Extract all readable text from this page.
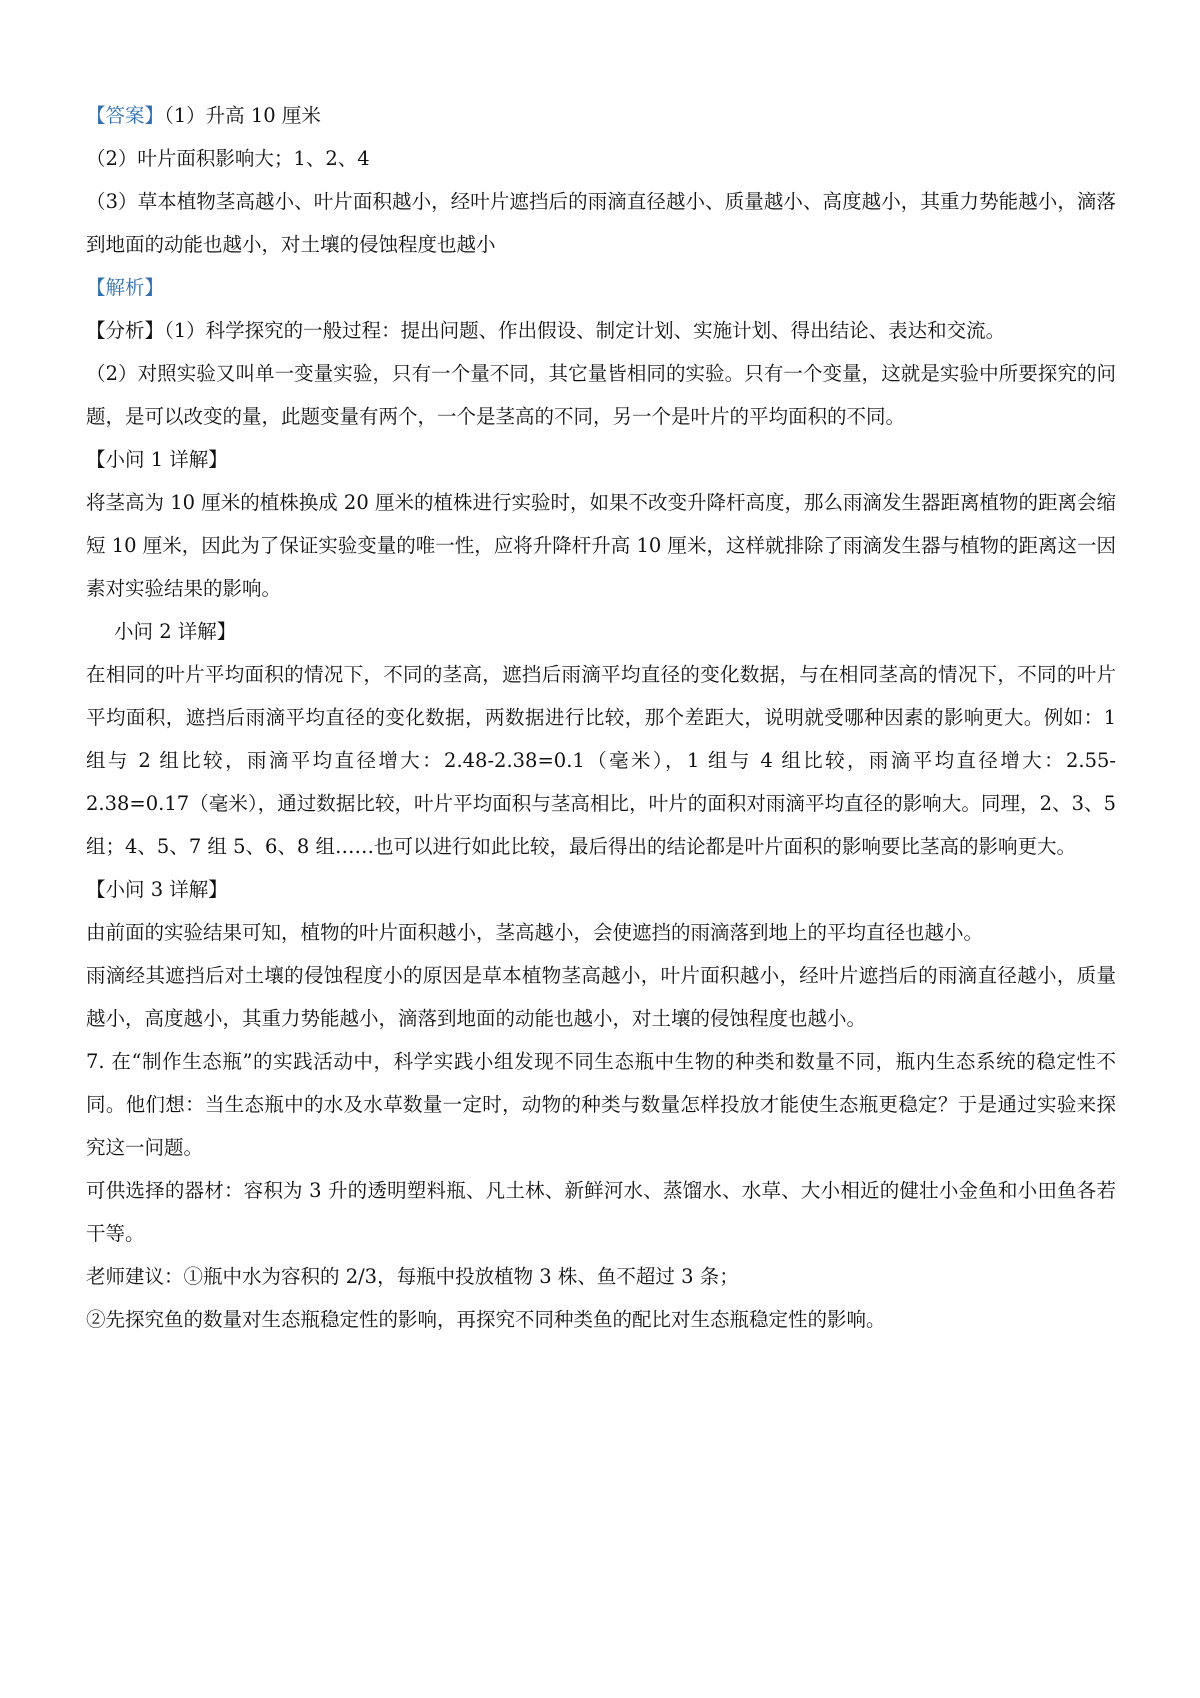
【答案】（1）升高 10 厘米

（2）叶片面积影响大；1、2、4

（3）草本植物茎高越小、叶片面积越小，经叶片遮挡后的雨滴直径越小、质量越小、高度越小，其重力势能越小，滴落到地面的动能也越小，对土壤的侵蚀程度也越小

【解析】

【分析】（1）科学探究的一般过程：提出问题、作出假设、制定计划、实施计划、得出结论、表达和交流。

（2）对照实验又叫单一变量实验，只有一个量不同，其它量皆相同的实验。只有一个变量，这就是实验中所要探究的问题，是可以改变的量，此题变量有两个，一个是茎高的不同，另一个是叶片的平均面积的不同。

【小问 1 详解】

将茎高为 10 厘米的植株换成 20 厘米的植株进行实验时，如果不改变升降杆高度，那么雨滴发生器距离植物的距离会缩短 10 厘米，因此为了保证实验变量的唯一性，应将升降杆升高 10 厘米，这样就排除了雨滴发生器与植物的距离这一因素对实验结果的影响。

小问 2 详解】

在相同的叶片平均面积的情况下，不同的茎高，遮挡后雨滴平均直径的变化数据，与在相同茎高的情况下，不同的叶片平均面积，遮挡后雨滴平均直径的变化数据，两数据进行比较，那个差距大，说明就受哪种因素的影响更大。例如：1 组与 2 组比较，雨滴平均直径增大：2.48-2.38=0.1（毫米），1 组与 4 组比较，雨滴平均直径增大：2.55-2.38=0.17（毫米），通过数据比较，叶片平均面积与茎高相比，叶片的面积对雨滴平均直径的影响大。同理，2、3、5 组；4、5、7 组 5、6、8 组……也可以进行如此比较，最后得出的结论都是叶片面积的影响要比茎高的影响更大。

【小问 3 详解】

由前面的实验结果可知，植物的叶片面积越小，茎高越小，会使遮挡的雨滴落到地上的平均直径也越小。

雨滴经其遮挡后对土壤的侵蚀程度小的原因是草本植物茎高越小，叶片面积越小，经叶片遮挡后的雨滴直径越小，质量越小，高度越小，其重力势能越小，滴落到地面的动能也越小，对土壤的侵蚀程度也越小。

7. 在“制作生态瓶”的实践活动中，科学实践小组发现不同生态瓶中生物的种类和数量不同，瓶内生态系统的稳定性不同。他们想：当生态瓶中的水及水草数量一定时，动物的种类与数量怎样投放才能使生态瓶更稳定？于是通过实验来探究这一问题。

可供选择的器材：容积为 3 升的透明塑料瓶、凡土林、新鲜河水、蒸馏水、水草、大小相近的健壮小金鱼和小田鱼各若干等。

老师建议：①瓶中水为容积的 2/3，每瓶中投放植物 3 株、鱼不超过 3 条；

②先探究鱼的数量对生态瓶稳定性的影响，再探究不同种类鱼的配比对生态瓶稳定性的影响。
